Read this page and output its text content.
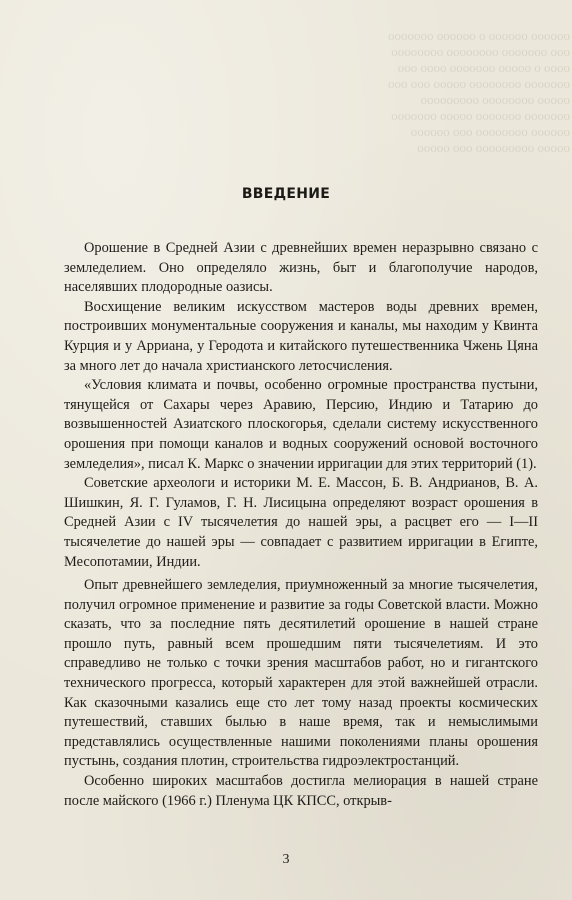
оооооо оооооо о оооооо ооооооо
ооо ооооооо оооооооо оооооооо
оооо о ооооо ооооооо оооо ооо
ооооооо оооооооо ооооо ооо ооо
ооооо оооооооо ооооооооо
ооооооо ооооооо ооооо ооооооо
оооооо оооооооо ооо оооооо
ооооо ооооооооо ооо ооооо
ВВЕДЕНИЕ

Орошение в Средней Азии с древнейших времен неразрывно связано с земледелием. Оно определяло жизнь, быт и благополучие народов, населявших плодородные оазисы.

Восхищение великим искусством мастеров воды древних времен, построивших монументальные сооружения и каналы, мы находим у Квинта Курция и у Арриана, у Геродота и китайского путешественника Чжень Цяна за много лет до начала христианского летосчисления.

«Условия климата и почвы, особенно огромные пространства пустыни, тянущейся от Сахары через Аравию, Персию, Индию и Татарию до возвышенностей Азиатского плоскогорья, сделали систему искусственного орошения при помощи каналов и водных сооружений основой восточного земледелия», писал К. Маркс о значении ирригации для этих территорий (1).

Советские археологи и историки М. Е. Массон, Б. В. Андрианов, В. А. Шишкин, Я. Г. Гуламов, Г. Н. Лисицына определяют возраст орошения в Средней Азии с IV тысячелетия до нашей эры, а расцвет его — I—II тысячелетие до нашей эры — совпадает с развитием ирригации в Египте, Месопотамии, Индии.

Опыт древнейшего земледелия, приумноженный за многие тысячелетия, получил огромное применение и развитие за годы Советской власти. Можно сказать, что за последние пять десятилетий орошение в нашей стране прошло путь, равный всем прошедшим пяти тысячелетиям. И это справедливо не только с точки зрения масштабов работ, но и гигантского технического прогресса, который характерен для этой важнейшей отрасли. Как сказочными казались еще сто лет тому назад проекты космических путешествий, ставших былью в наше время, так и немыслимыми представлялись осуществленные нашими поколениями планы орошения пустынь, создания плотин, строительства гидроэлектростанций.

Особенно широких масштабов достигла мелиорация в нашей стране после майского (1966 г.) Пленума ЦК КПСС, открыв-

3
